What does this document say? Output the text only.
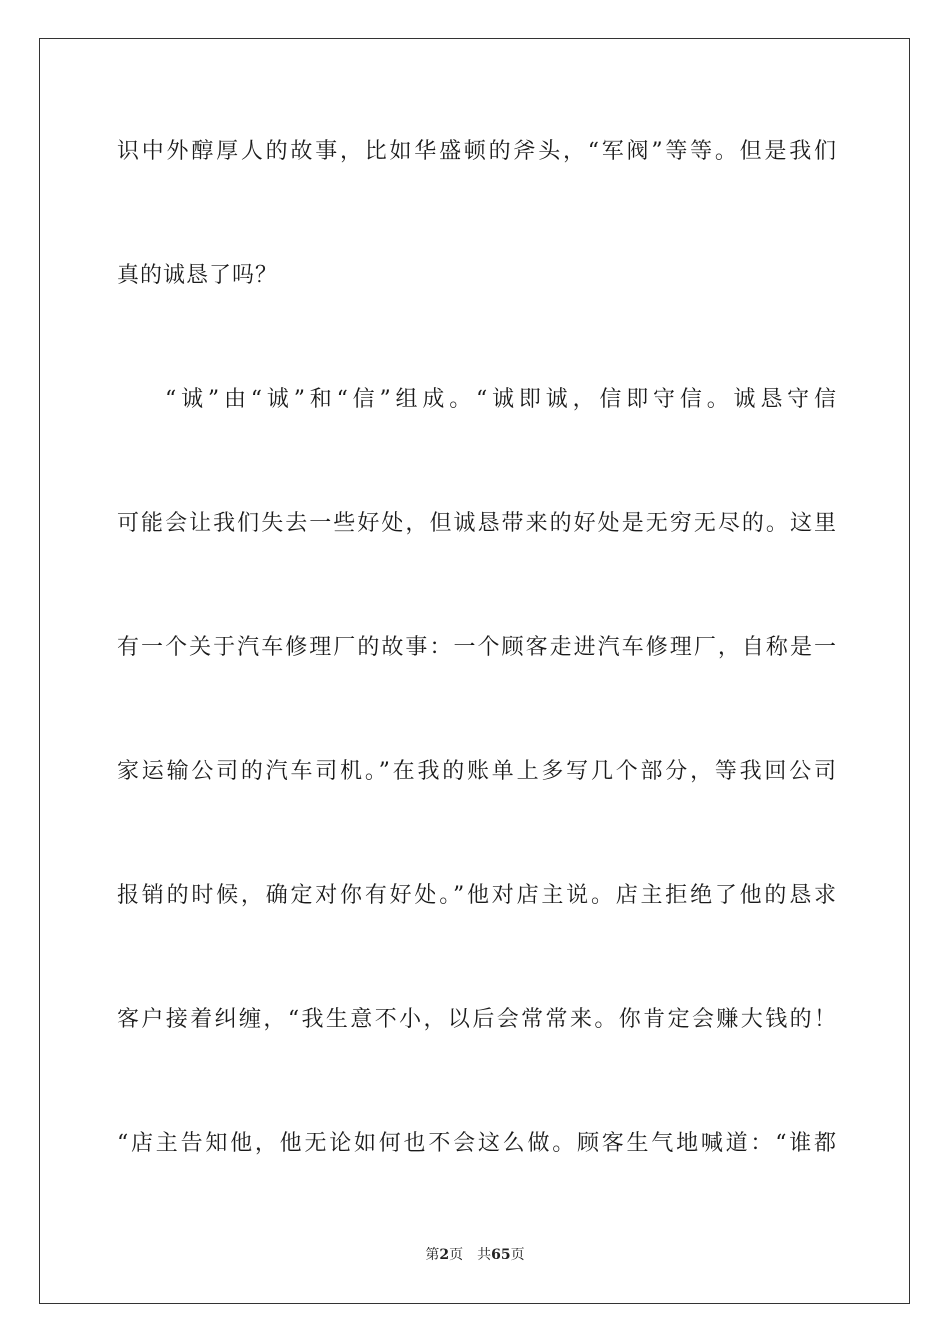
识中外醇厚人的故事，比如华盛顿的斧头，“军阀”等等。但是我们
真的诚恳了吗？
“诚”由“诚”和“信”组成。“诚即诚，信即守信。诚恳守信
可能会让我们失去一些好处，但诚恳带来的好处是无穷无尽的。这里
有一个关于汽车修理厂的故事：一个顾客走进汽车修理厂，自称是一
家运输公司的汽车司机。”在我的账单上多写几个部分，等我回公司
报销的时候，确定对你有好处。”他对店主说。店主拒绝了他的恳求
客户接着纠缠，“我生意不小，以后会常常来。你肯定会赚大钱的！
“店主告知他，他无论如何也不会这么做。顾客生气地喊道：“谁都
第2页 共65页
